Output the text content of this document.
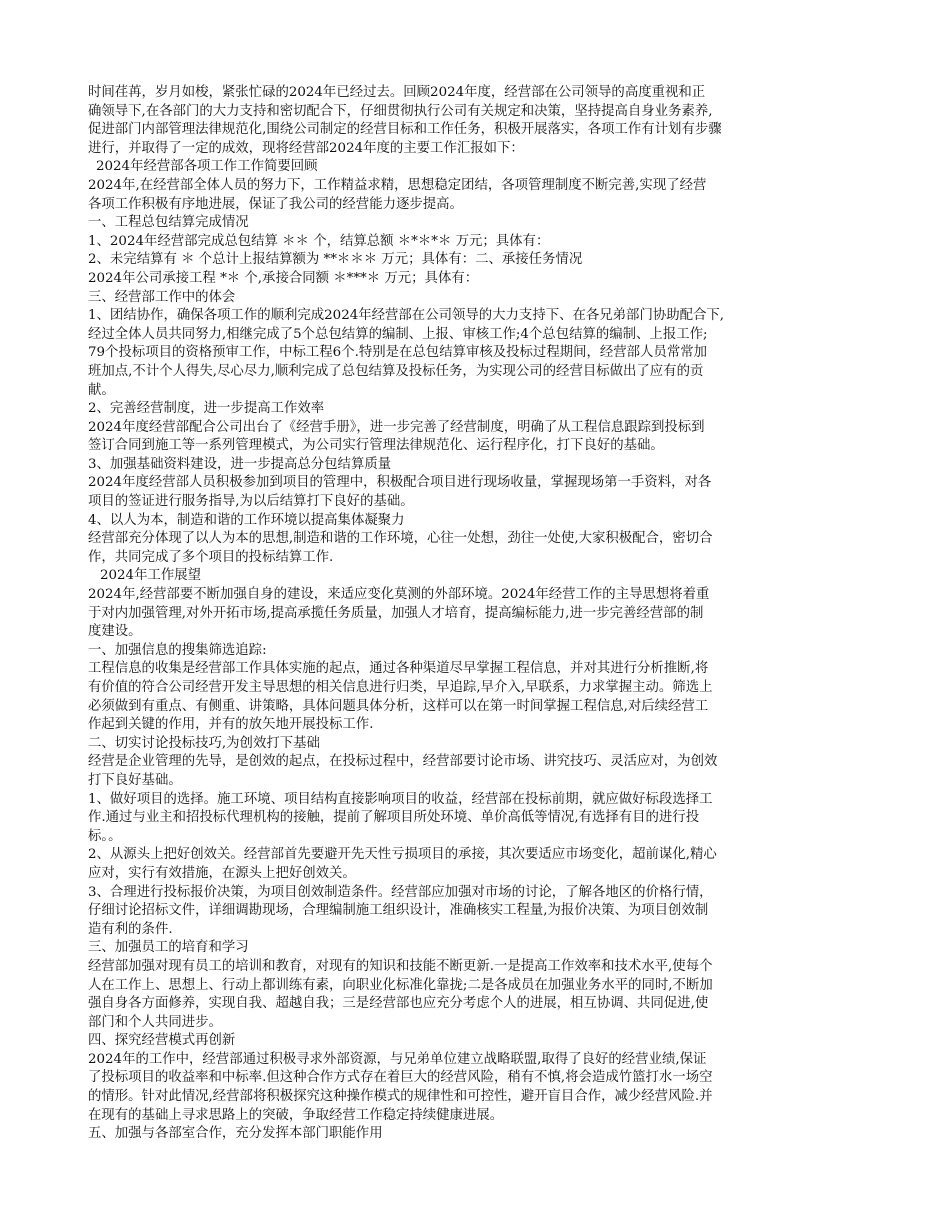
时间荏苒，岁月如梭，紧张忙碌的2024年已经过去。回顾2024年度，经营部在公司领导的高度重视和正
确领导下,在各部门的大力支持和密切配合下，仔细贯彻执行公司有关规定和决策，坚持提高自身业务素养,
促进部门内部管理法律规范化,围绕公司制定的经营目标和工作任务，积极开展落实，各项工作有计划有步骤
进行，并取得了一定的成效，现将经营部2024年度的主要工作汇报如下：
2024年经营部各项工作工作简要回顾
2024年,在经营部全体人员的努力下，工作精益求精，思想稳定团结，各项管理制度不断完善,实现了经营
各项工作积极有序地进展，保证了我公司的经营能力逐步提高。
一、工程总包结算完成情况
1、2024年经营部完成总包结算 ＊＊ 个，结算总额 ＊*＊*＊ 万元；具体有：
2、未完结算有 ＊ 个总计上报结算额为 **＊＊＊ 万元；具体有：二、承接任务情况
2024年公司承接工程 *＊ 个,承接合同额 ＊***＊ 万元；具体有：
三、经营部工作中的体会
1、团结协作，确保各项工作的顺利完成2024年经营部在公司领导的大力支持下、在各兄弟部门协助配合下,
经过全体人员共同努力,相继完成了5个总包结算的编制、上报、审核工作;4个总包结算的编制、上报工作;
79个投标项目的资格预审工作，中标工程6个.特别是在总包结算审核及投标过程期间，经营部人员常常加
班加点,不计个人得失,尽心尽力,顺利完成了总包结算及投标任务，为实现公司的经营目标做出了应有的贡
献。
2、完善经营制度，进一步提高工作效率
2024年度经营部配合公司出台了《经营手册》，进一步完善了经营制度，明确了从工程信息跟踪到投标到
签订合同到施工等一系列管理模式，为公司实行管理法律规范化、运行程序化，打下良好的基础。
3、加强基础资料建设，进一步提高总分包结算质量
2024年度经营部人员积极参加到项目的管理中，积极配合项目进行现场收量，掌握现场第一手资料，对各
项目的签证进行服务指导,为以后结算打下良好的基础。
4、以人为本，制造和谐的工作环境以提高集体凝聚力
经营部充分体现了以人为本的思想,制造和谐的工作环境，心往一处想，劲往一处使,大家积极配合，密切合
作，共同完成了多个项目的投标结算工作.
2024年工作展望
2024年,经营部要不断加强自身的建设，来适应变化莫测的外部环境。2024年经营工作的主导思想将着重
于对内加强管理,对外开拓市场,提高承揽任务质量，加强人才培育，提高编标能力,进一步完善经营部的制
度建设。
一、加强信息的搜集筛选追踪:
工程信息的收集是经营部工作具体实施的起点，通过各种渠道尽早掌握工程信息，并对其进行分析推断,将
有价值的符合公司经营开发主导思想的相关信息进行归类，早追踪,早介入,早联系，力求掌握主动。筛选上
必须做到有重点、有侧重、讲策略，具体问题具体分析，这样可以在第一时间掌握工程信息,对后续经营工
作起到关键的作用，并有的放矢地开展投标工作.
二、切实讨论投标技巧,为创效打下基础
经营是企业管理的先导，是创效的起点，在投标过程中，经营部要讨论市场、讲究技巧、灵活应对，为创效
打下良好基础。
1、做好项目的选择。施工环境、项目结构直接影响项目的收益，经营部在投标前期，就应做好标段选择工
作.通过与业主和招投标代理机构的接触，提前了解项目所处环境、单价高低等情况,有选择有目的进行投
标。。
2、从源头上把好创效关。经营部首先要避开先天性亏损项目的承接，其次要适应市场变化，超前谋化,精心
应对，实行有效措施，在源头上把好创效关。
3、合理进行投标报价决策，为项目创效制造条件。经营部应加强对市场的讨论，了解各地区的价格行情，
仔细讨论招标文件，详细调勘现场，合理编制施工组织设计，准确核实工程量,为报价决策、为项目创效制
造有利的条件.
三、加强员工的培育和学习
经营部加强对现有员工的培训和教育，对现有的知识和技能不断更新.一是提高工作效率和技术水平,使每个
人在工作上、思想上、行动上都训练有素，向职业化标准化靠拢;二是各成员在加强业务水平的同时,不断加
强自身各方面修养，实现自我、超越自我；三是经营部也应充分考虑个人的进展，相互协调、共同促进,使
部门和个人共同进步。
四、探究经营模式再创新
2024年的工作中，经营部通过积极寻求外部资源，与兄弟单位建立战略联盟,取得了良好的经营业绩,保证
了投标项目的收益率和中标率.但这种合作方式存在着巨大的经营风险，稍有不慎,将会造成竹篮打水一场空
的情形。针对此情况,经营部将积极探究这种操作模式的规律性和可控性，避开盲目合作，减少经营风险.并
在现有的基础上寻求思路上的突破，争取经营工作稳定持续健康进展。
五、加强与各部室合作，充分发挥本部门职能作用
